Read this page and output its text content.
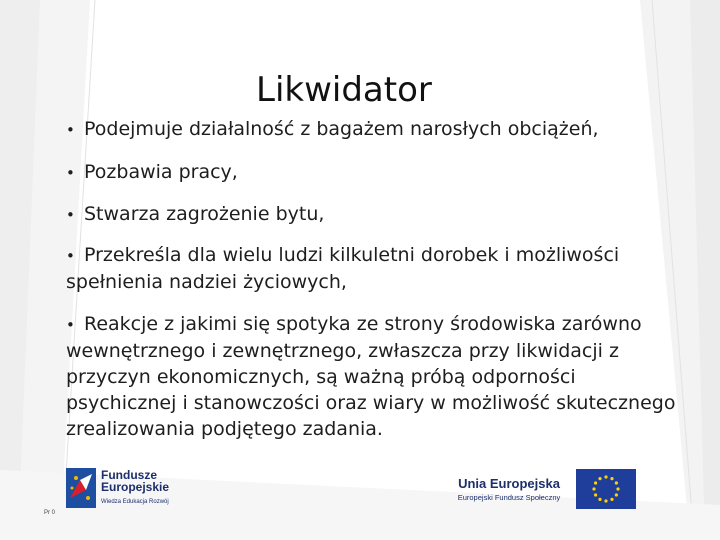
Likwidator

• Podejmuje działalność z bagażem narosłych obciążeń,

• Pozbawia pracy,

• Stwarza zagrożenie bytu,

• Przekreśla dla wielu ludzi kilkuletni dorobek i możliwości spełnienia nadziei życiowych,

• Reakcje z jakimi się spotyka ze strony środowiska zarówno wewnętrznego i zewnętrznego, zwłaszcza przy likwidacji z przyczyn ekonomicznych, są ważną próbą odporności psychicznej i stanowczości oraz wiary w możliwość skutecznego zrealizowania podjętego zadania.

Fundusze
Europejskie
Wiedza Edukacja Rozwój
Unia Europejska
Europejski Fundusz Społeczny
Pr 0
